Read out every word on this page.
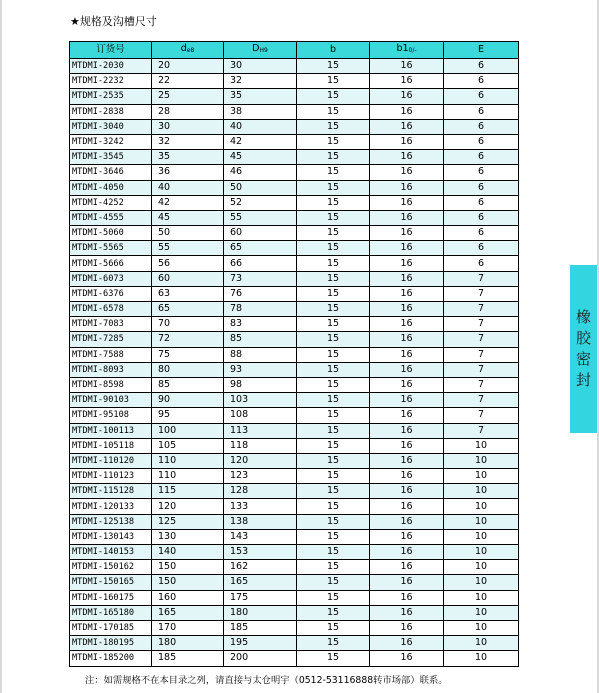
★规格及沟槽尺寸
订货号	de8	DH9	b	b10/-	E
MTDMI-2030	20	30	15	16	6
MTDMI-2232	22	32	15	16	6
MTDMI-2535	25	35	15	16	6
MTDMI-2838	28	38	15	16	6
MTDMI-3040	30	40	15	16	6
MTDMI-3242	32	42	15	16	6
MTDMI-3545	35	45	15	16	6
MTDMI-3646	36	46	15	16	6
MTDMI-4050	40	50	15	16	6
MTDMI-4252	42	52	15	16	6
MTDMI-4555	45	55	15	16	6
MTDMI-5060	50	60	15	16	6
MTDMI-5565	55	65	15	16	6
MTDMI-5666	56	66	15	16	6
MTDMI-6073	60	73	15	16	7
MTDMI-6376	63	76	15	16	7
MTDMI-6578	65	78	15	16	7
MTDMI-7083	70	83	15	16	7
MTDMI-7285	72	85	15	16	7
MTDMI-7588	75	88	15	16	7
MTDMI-8093	80	93	15	16	7
MTDMI-8598	85	98	15	16	7
MTDMI-90103	90	103	15	16	7
MTDMI-95108	95	108	15	16	7
MTDMI-100113	100	113	15	16	7
MTDMI-105118	105	118	15	16	10
MTDMI-110120	110	120	15	16	10
MTDMI-110123	110	123	15	16	10
MTDMI-115128	115	128	15	16	10
MTDMI-120133	120	133	15	16	10
MTDMI-125138	125	138	15	16	10
MTDMI-130143	130	143	15	16	10
MTDMI-140153	140	153	15	16	10
MTDMI-150162	150	162	15	16	10
MTDMI-150165	150	165	15	16	10
MTDMI-160175	160	175	15	16	10
MTDMI-165180	165	180	15	16	10
MTDMI-170185	170	185	15	16	10
MTDMI-180195	180	195	15	16	10
MTDMI-185200	185	200	15	16	10
橡
胶
密
封
注：如需规格不在本目录之列，请直接与太仓明宇（0512-53116888转市场部）联系。
